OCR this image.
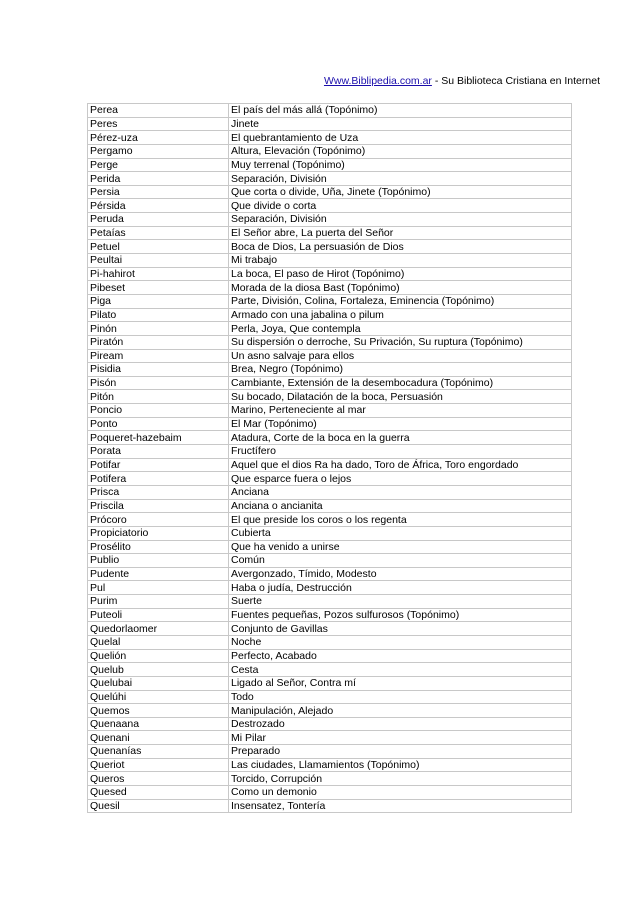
Www.Biblipedia.com.ar - Su Biblioteca Cristiana en Internet
Perea	El país del más allá (Topónimo)
Peres	Jinete
Pérez-uza	El quebrantamiento de Uza
Pergamo	Altura, Elevación (Topónimo)
Perge	Muy terrenal (Topónimo)
Perida	Separación, División
Persia	Que corta o divide, Uña, Jinete (Topónimo)
Pérsida	Que divide o corta
Peruda	Separación, División
Petaías	El Señor abre, La puerta del Señor
Petuel	Boca de Dios, La persuasión de Dios
Peultai	Mi trabajo
Pi-hahirot	La boca, El paso de Hirot (Topónimo)
Pibeset	Morada de la diosa Bast (Topónimo)
Piga	Parte, División, Colina, Fortaleza, Eminencia (Topónimo)
Pilato	Armado con una jabalina o pilum
Pinón	Perla, Joya, Que contempla
Piratón	Su dispersión o derroche, Su Privación, Su ruptura (Topónimo)
Piream	Un asno salvaje para ellos
Pisidia	Brea, Negro (Topónimo)
Pisón	Cambiante, Extensión de la desembocadura (Topónimo)
Pitón	Su bocado, Dilatación de la boca, Persuasión
Poncio	Marino, Perteneciente al mar
Ponto	El Mar (Topónimo)
Poqueret-hazebaim	Atadura, Corte de la boca en la guerra
Porata	Fructífero
Potifar	Aquel que el dios Ra ha dado, Toro de África, Toro engordado
Potifera	Que esparce fuera o lejos
Prisca	Anciana
Priscila	Anciana o ancianita
Prócoro	El que preside los coros o los regenta
Propiciatorio	Cubierta
Prosélito	Que ha venido a unirse
Publio	Común
Pudente	Avergonzado, Tímido, Modesto
Pul	Haba o judía, Destrucción
Purim	Suerte
Puteoli	Fuentes pequeñas, Pozos sulfurosos (Topónimo)
Quedorlaomer	Conjunto de Gavillas
Quelal	Noche
Quelión	Perfecto, Acabado
Quelub	Cesta
Quelubai	Ligado al Señor, Contra mí
Quelúhi	Todo
Quemos	Manipulación, Alejado
Quenaana	Destrozado
Quenani	Mi Pilar
Quenanías	Preparado
Queriot	Las ciudades, Llamamientos (Topónimo)
Queros	Torcido, Corrupción
Quesed	Como un demonio
Quesil	Insensatez, Tontería
